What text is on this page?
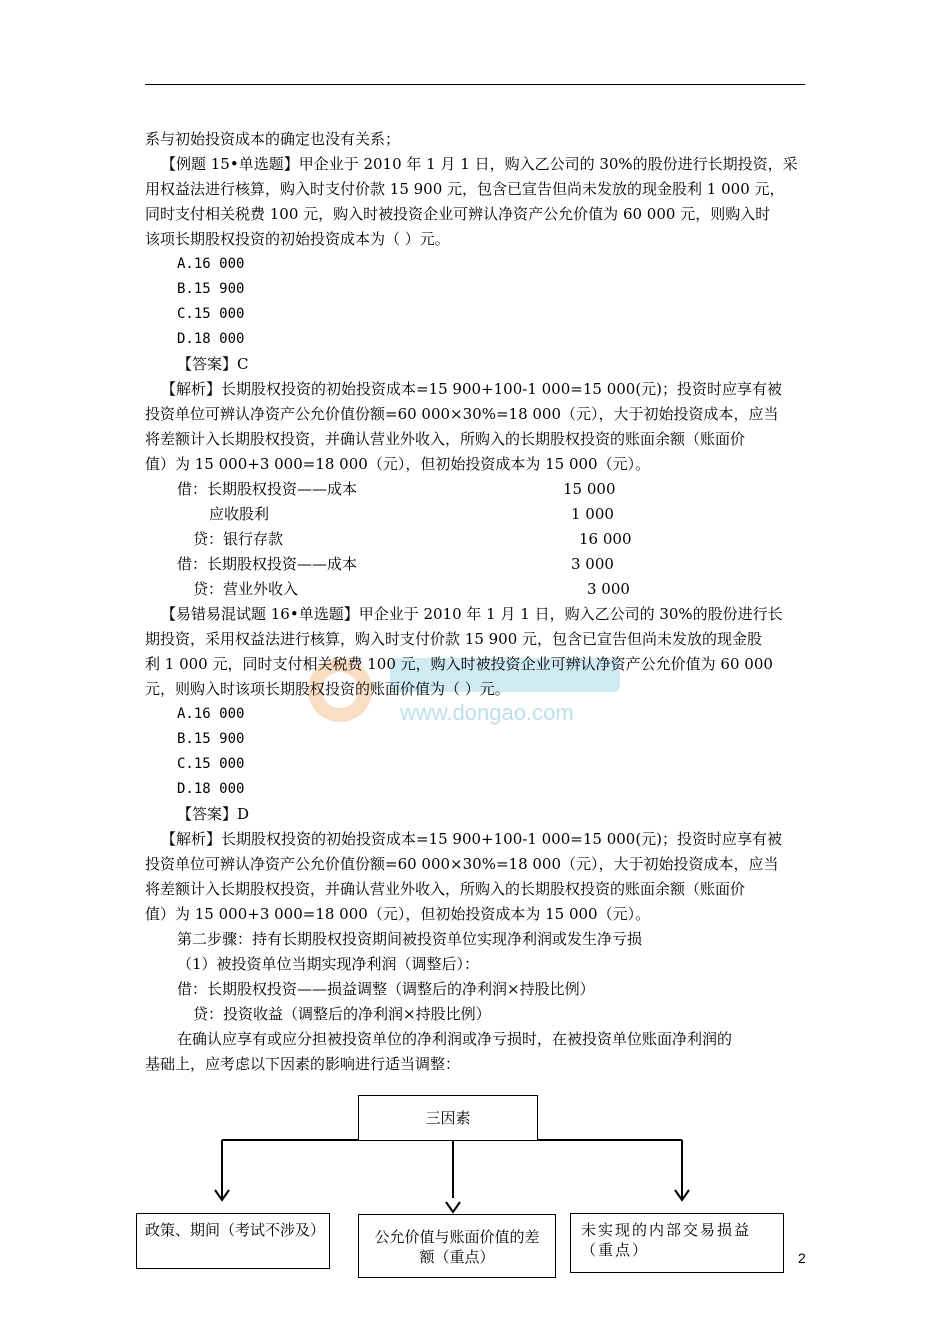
www.dongao.com

系与初始投资成本的确定也没有关系；

【例题 15•单选题】甲企业于 2010 年 1 月 1 日，购入乙公司的 30%的股份进行长期投资，采

用权益法进行核算，购入时支付价款 15 900 元，包含已宣告但尚未发放的现金股利 1 000 元，

同时支付相关税费 100 元，购入时被投资企业可辨认净资产公允价值为 60 000 元，则购入时

该项长期股权投资的初始投资成本为（ ）元。

A.16 000

B.15 900

C.15 000

D.18 000

【答案】C

【解析】长期股权投资的初始投资成本=15 900+100-1 000=15 000(元)；投资时应享有被

投资单位可辨认净资产公允价值份额=60 000×30%=18 000（元），大于初始投资成本，应当

将差额计入长期股权投资，并确认营业外收入，所购入的长期股权投资的账面余额（账面价

值）为 15 000+3 000=18 000（元），但初始投资成本为 15 000（元）。

借：长期股权投资——成本	15 000
应收股利	1 000
贷：银行存款	16 000
借：长期股权投资——成本	3 000
贷：营业外收入	3 000

【易错易混试题 16•单选题】甲企业于 2010 年 1 月 1 日，购入乙公司的 30%的股份进行长

期投资，采用权益法进行核算，购入时支付价款 15 900 元，包含已宣告但尚未发放的现金股

利 1 000 元，同时支付相关税费 100 元，购入时被投资企业可辨认净资产公允价值为 60 000

元，则购入时该项长期股权投资的账面价值为（ ）元。

A.16 000

B.15 900

C.15 000

D.18 000

【答案】D

【解析】长期股权投资的初始投资成本=15 900+100-1 000=15 000(元)；投资时应享有被

投资单位可辨认净资产公允价值份额=60 000×30%=18 000（元），大于初始投资成本，应当

将差额计入长期股权投资，并确认营业外收入，所购入的长期股权投资的账面余额（账面价

值）为 15 000+3 000=18 000（元），但初始投资成本为 15 000（元）。

第二步骤：持有长期股权投资期间被投资单位实现净利润或发生净亏损

（1）被投资单位当期实现净利润（调整后）：

借：长期股权投资——损益调整（调整后的净利润×持股比例）

贷：投资收益（调整后的净利润×持股比例）

在确认应享有或应分担被投资单位的净利润或净亏损时，在被投资单位账面净利润的

基础上，应考虑以下因素的影响进行适当调整：

三因素
政策、期间（考试不涉及）	公允价值与账面价值的差额（重点）
未实现的内部交易损益（重点）	2
